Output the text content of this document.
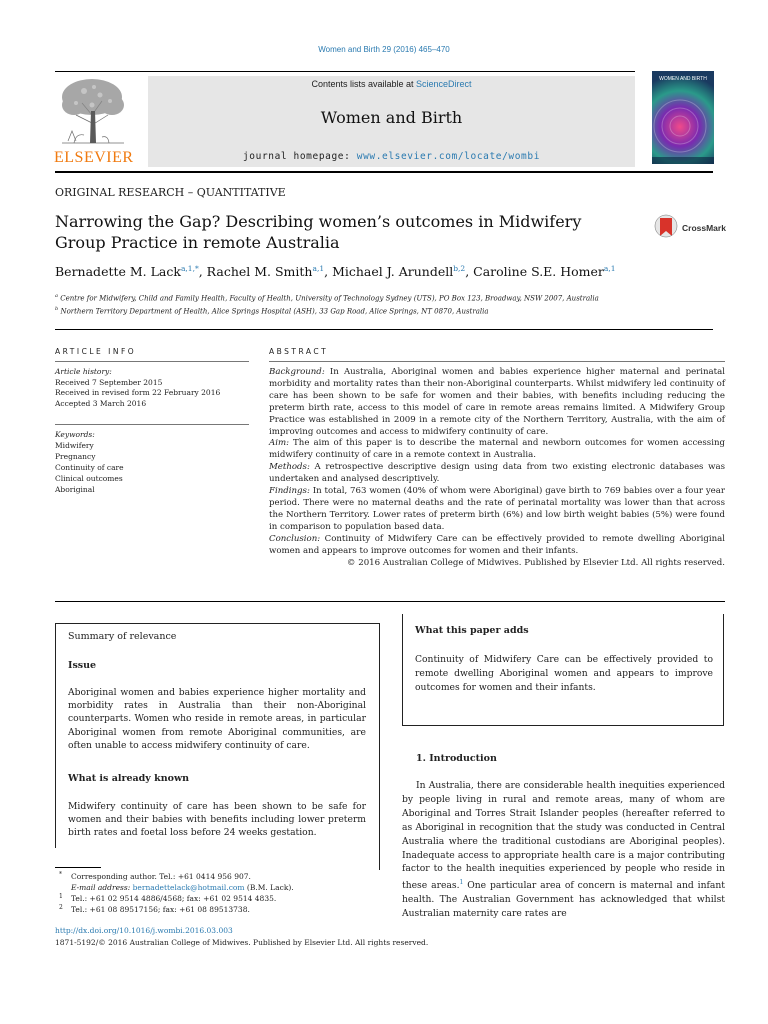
Women and Birth 29 (2016) 465–470
ELSEVIER
Contents lists available at ScienceDirect
Women and Birth
journal homepage: www.elsevier.com/locate/wombi
WOMEN AND BIRTH
ORIGINAL RESEARCH – QUANTITATIVE
Narrowing the Gap? Describing women’s outcomes in Midwifery Group Practice in remote Australia
CrossMark
Bernadette M. Lack$^{a,1,*}$, Rachel M. Smith$^{a,1}$, Michael J. Arundell$^{b,2}$, Caroline S.E. Homer$^{a,1}$
$^a$ Centre for Midwifery, Child and Family Health, Faculty of Health, University of Technology Sydney (UTS), PO Box 123, Broadway, NSW 2007, Australia
$^b$ Northern Territory Department of Health, Alice Springs Hospital (ASH), 33 Gap Road, Alice Springs, NT 0870, Australia
ARTICLE INFO	ABSTRACT
Article history:
Received 7 September 2015
Received in revised form 22 February 2016
Accepted 3 March 2016
Keywords:
Midwifery
Pregnancy
Continuity of care
Clinical outcomes
Aboriginal
Background: In Australia, Aboriginal women and babies experience higher maternal and perinatal morbidity and mortality rates than their non-Aboriginal counterparts. Whilst midwifery led continuity of care has been shown to be safe for women and their babies, with benefits including reducing the preterm birth rate, access to this model of care in remote areas remains limited. A Midwifery Group Practice was established in 2009 in a remote city of the Northern Territory, Australia, with the aim of improving outcomes and access to midwifery continuity of care.
Aim: The aim of this paper is to describe the maternal and newborn outcomes for women accessing midwifery continuity of care in a remote context in Australia.
Methods: A retrospective descriptive design using data from two existing electronic databases was undertaken and analysed descriptively.
Findings: In total, 763 women (40% of whom were Aboriginal) gave birth to 769 babies over a four year period. There were no maternal deaths and the rate of perinatal mortality was lower than that across the Northern Territory. Lower rates of preterm birth (6%) and low birth weight babies (5%) were found in comparison to population based data.
Conclusion: Continuity of Midwifery Care can be effectively provided to remote dwelling Aboriginal women and appears to improve outcomes for women and their infants.
© 2016 Australian College of Midwives. Published by Elsevier Ltd. All rights reserved.
Summary of relevance
Issue
Aboriginal women and babies experience higher mortality and morbidity rates in Australia than their non-Aboriginal counterparts. Women who reside in remote areas, in particular Aboriginal women from remote Aboriginal communities, are often unable to access midwifery continuity of care.
What is already known
Midwifery continuity of care has been shown to be safe for women and their babies with benefits including lower preterm birth rates and foetal loss before 24 weeks gestation.
What this paper adds
Continuity of Midwifery Care can be effectively provided to remote dwelling Aboriginal women and appears to improve outcomes for women and their infants.
1. Introduction
In Australia, there are considerable health inequities experienced by people living in rural and remote areas, many of whom are Aboriginal and Torres Strait Islander peoples (hereafter referred to as Aboriginal in recognition that the study was conducted in Central Australia where the traditional custodians are Aboriginal peoples). Inadequate access to appropriate health care is a major contributing factor to the health inequities experienced by people who reside in these areas.$^1$ One particular area of concern is maternal and infant health. The Australian Government has acknowledged that whilst Australian maternity care rates are
* Corresponding author. Tel.: +61 0414 956 907.
E-mail address: bernadettelack@hotmail.com (B.M. Lack).
1 Tel.: +61 02 9514 4886/4568; fax: +61 02 9514 4835.
2 Tel.: +61 08 89517156; fax: +61 08 89513738.
http://dx.doi.org/10.1016/j.wombi.2016.03.003
1871-5192/© 2016 Australian College of Midwives. Published by Elsevier Ltd. All rights reserved.
